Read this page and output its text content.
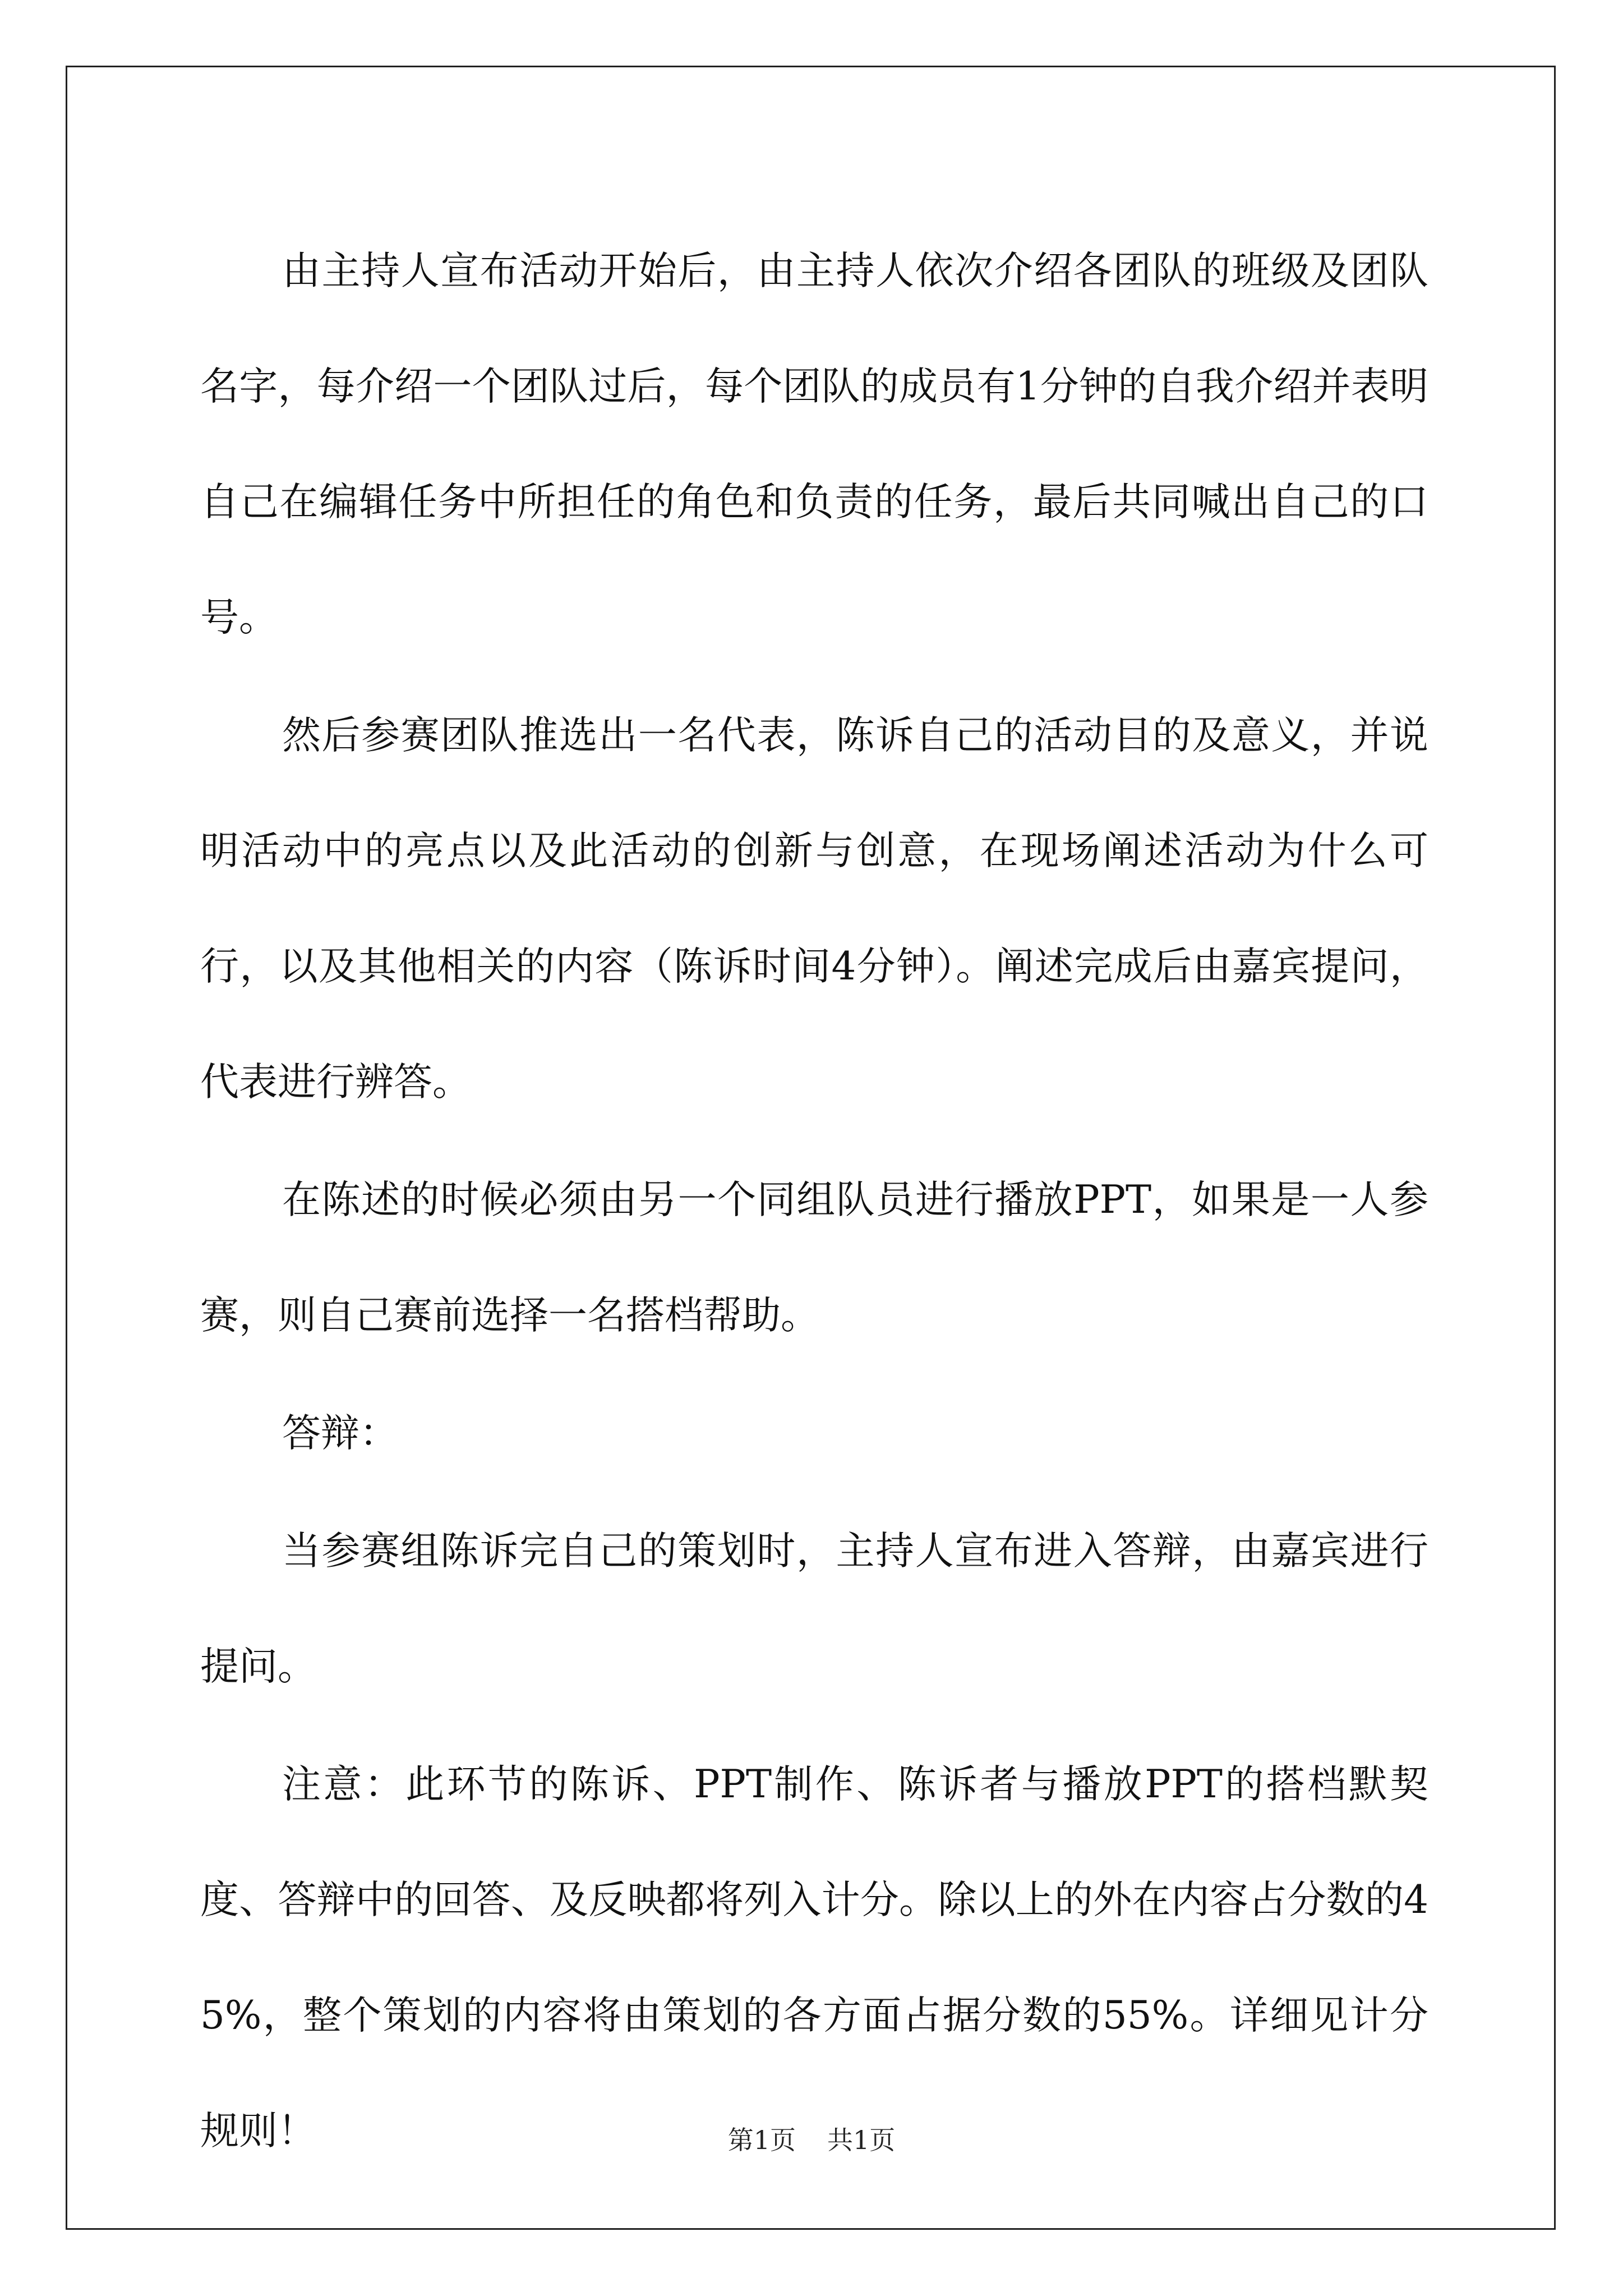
由主持人宣布活动开始后，由主持人依次介绍各团队的班级及团队名字，每介绍一个团队过后，每个团队的成员有1分钟的自我介绍并表明自己在编辑任务中所担任的角色和负责的任务，最后共同喊出自己的口号。

然后参赛团队推选出一名代表，陈诉自己的活动目的及意义，并说明活动中的亮点以及此活动的创新与创意，在现场阐述活动为什么可行，以及其他相关的内容（陈诉时间4分钟）。阐述完成后由嘉宾提问，代表进行辨答。

在陈述的时候必须由另一个同组队员进行播放PPT，如果是一人参赛，则自己赛前选择一名搭档帮助。

答辩：

当参赛组陈诉完自己的策划时，主持人宣布进入答辩，由嘉宾进行提问。

注意：此环节的陈诉、PPT制作、陈诉者与播放PPT的搭档默契度、答辩中的回答、及反映都将列入计分。除以上的外在内容占分数的45%，整个策划的内容将由策划的各方面占据分数的55%。详细见计分规则！	第1页 共1页
